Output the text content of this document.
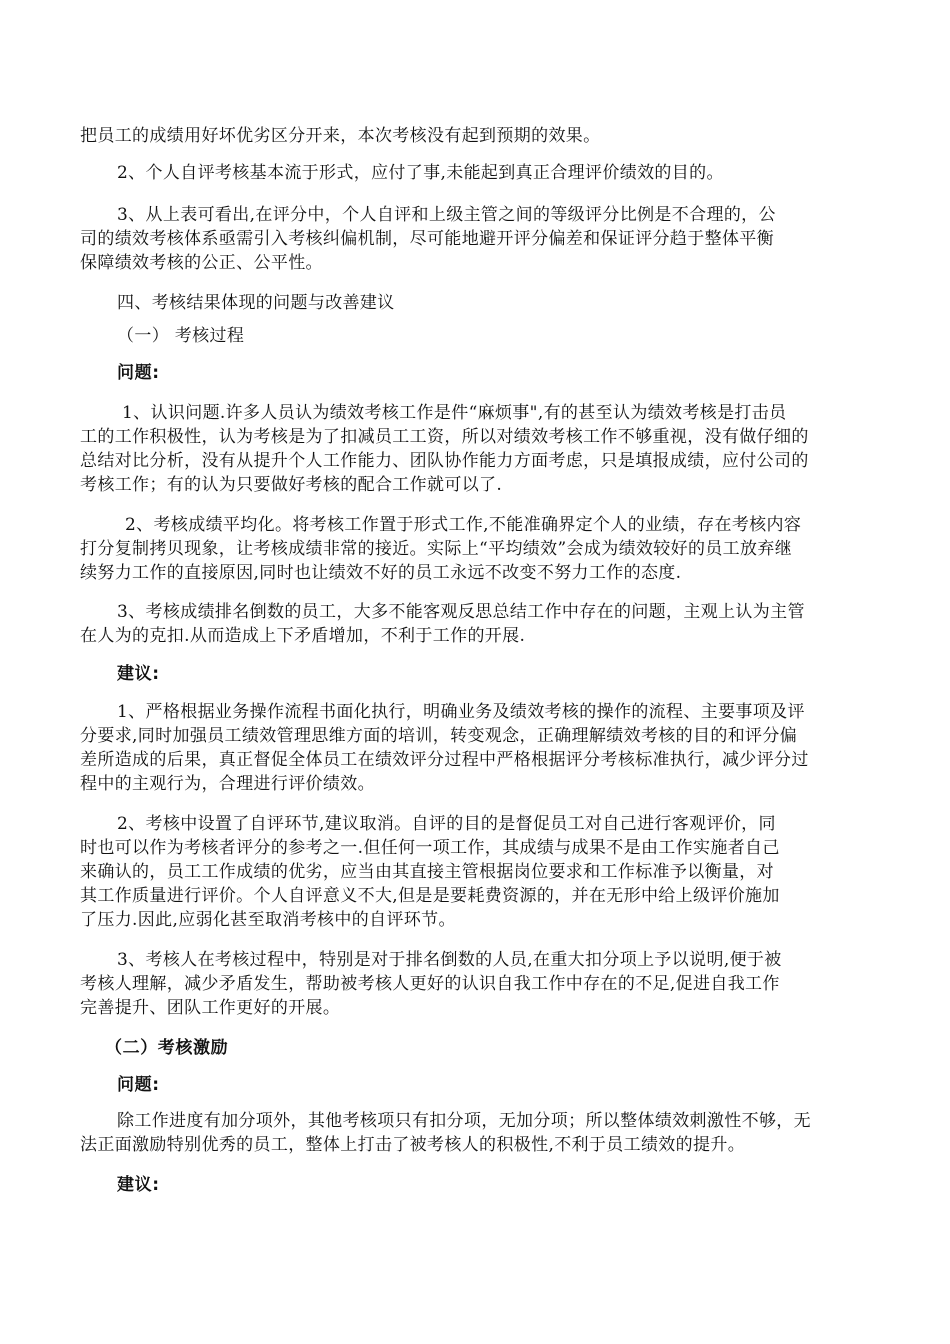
把员工的成绩用好坏优劣区分开来，本次考核没有起到预期的效果。
2、个人自评考核基本流于形式，应付了事,未能起到真正合理评价绩效的目的。
3、从上表可看出,在评分中，个人自评和上级主管之间的等级评分比例是不合理的，公
司的绩效考核体系亟需引入考核纠偏机制，尽可能地避开评分偏差和保证评分趋于整体平衡
保障绩效考核的公正、公平性。
四、考核结果体现的问题与改善建议
（一） 考核过程
问题:
1、认识问题.许多人员认为绩效考核工作是件“麻烦事",有的甚至认为绩效考核是打击员
工的工作积极性，认为考核是为了扣减员工工资，所以对绩效考核工作不够重视，没有做仔细的
总结对比分析，没有从提升个人工作能力、团队协作能力方面考虑，只是填报成绩，应付公司的
考核工作；有的认为只要做好考核的配合工作就可以了.
2、考核成绩平均化。将考核工作置于形式工作,不能准确界定个人的业绩，存在考核内容
打分复制拷贝现象，让考核成绩非常的接近。实际上“平均绩效”会成为绩效较好的员工放弃继
续努力工作的直接原因,同时也让绩效不好的员工永远不改变不努力工作的态度.
3、考核成绩排名倒数的员工，大多不能客观反思总结工作中存在的问题，主观上认为主管
在人为的克扣.从而造成上下矛盾增加，不利于工作的开展.
建议:
1、严格根据业务操作流程书面化执行，明确业务及绩效考核的操作的流程、主要事项及评
分要求,同时加强员工绩效管理思维方面的培训，转变观念，正确理解绩效考核的目的和评分偏
差所造成的后果，真正督促全体员工在绩效评分过程中严格根据评分考核标准执行，减少评分过
程中的主观行为，合理进行评价绩效。
2、考核中设置了自评环节,建议取消。自评的目的是督促员工对自己进行客观评价，同
时也可以作为考核者评分的参考之一.但任何一项工作，其成绩与成果不是由工作实施者自己
来确认的，员工工作成绩的优劣，应当由其直接主管根据岗位要求和工作标准予以衡量，对
其工作质量进行评价。个人自评意义不大,但是是要耗费资源的，并在无形中给上级评价施加
了压力.因此,应弱化甚至取消考核中的自评环节。
3、考核人在考核过程中，特别是对于排名倒数的人员,在重大扣分项上予以说明,便于被
考核人理解，减少矛盾发生，帮助被考核人更好的认识自我工作中存在的不足,促进自我工作
完善提升、团队工作更好的开展。
（二）考核激励
问题:
除工作进度有加分项外，其他考核项只有扣分项，无加分项；所以整体绩效刺激性不够，无
法正面激励特别优秀的员工，整体上打击了被考核人的积极性,不利于员工绩效的提升。
建议:
